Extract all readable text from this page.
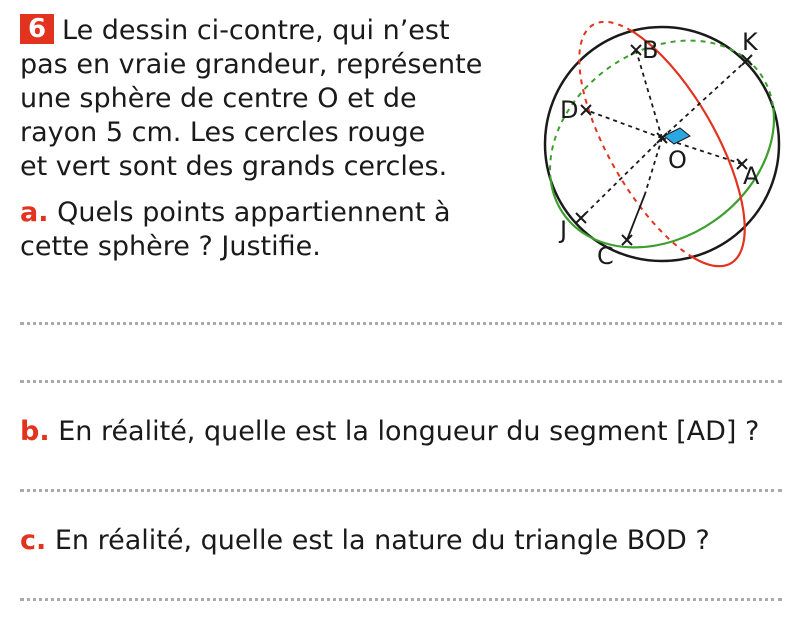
6 Le dessin ci-contre, qui n’est
pas en vraie grandeur, représente
une sphère de centre O et de
rayon 5 cm. Les cercles rouge
et vert sont des grands cercles.
a. Quels points appartiennent à
cette sphère ? Justifie.
b. En réalité, quelle est la longueur du segment [AD] ?
c. En réalité, quelle est la nature du triangle BOD ?
B	K
D
O
A
J
C
